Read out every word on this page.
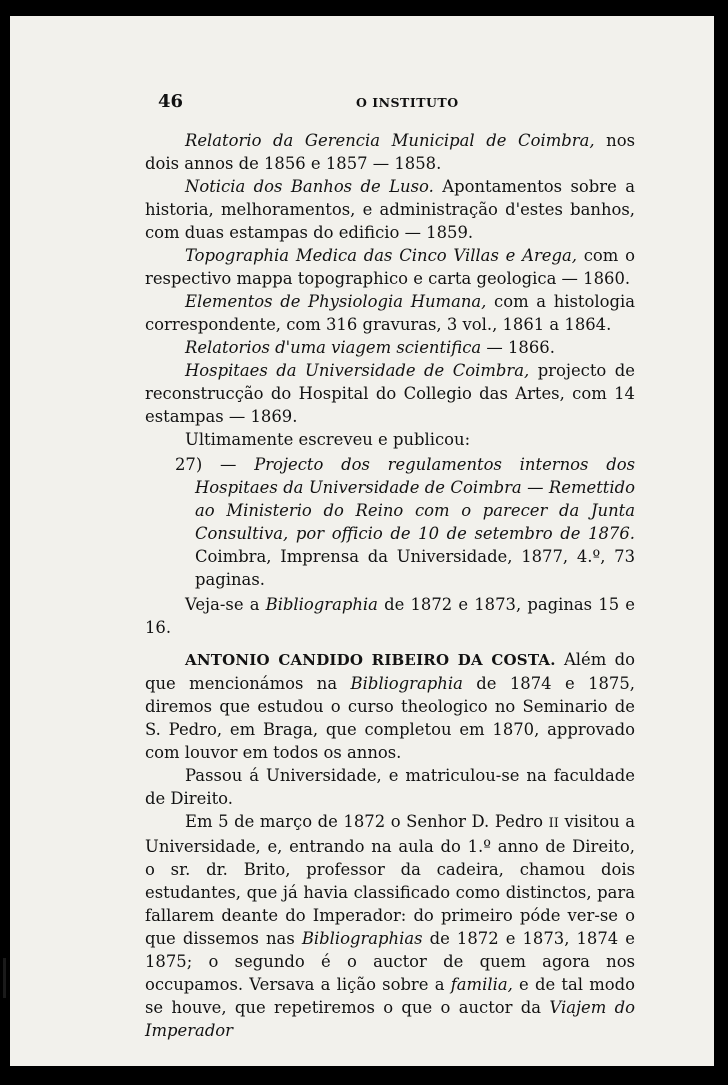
46	O INSTITUTO

Relatorio da Gerencia Municipal de Coimbra, nos dois annos de 1856 e 1857 — 1858.

Noticia dos Banhos de Luso. Apontamentos sobre a historia, melhoramentos, e administração d'estes banhos, com duas estampas do edificio — 1859.

Topographia Medica das Cinco Villas e Arega, com o respectivo mappa topographico e carta geologica — 1860.

Elementos de Physiologia Humana, com a histologia correspondente, com 316 gravuras, 3 vol., 1861 a 1864.

Relatorios d'uma viagem scientifica — 1866.

Hospitaes da Universidade de Coimbra, projecto de reconstrucção do Hospital do Collegio das Artes, com 14 estampas — 1869.

Ultimamente escreveu e publicou:

27) — Projecto dos regulamentos internos dos Hospitaes da Universidade de Coimbra — Remettido ao Ministerio do Reino com o parecer da Junta Consultiva, por officio de 10 de setembro de 1876. Coimbra, Imprensa da Universidade, 1877, 4.º, 73 paginas.

Veja-se a Bibliographia de 1872 e 1873, paginas 15 e 16.

ANTONIO CANDIDO RIBEIRO DA COSTA. Além do que mencionámos na Bibliographia de 1874 e 1875, diremos que estudou o curso theologico no Seminario de S. Pedro, em Braga, que completou em 1870, approvado com louvor em todos os annos.

Passou á Universidade, e matriculou-se na faculdade de Direito.

Em 5 de março de 1872 o Senhor D. Pedro II visitou a Universidade, e, entrando na aula do 1.º anno de Direito, o sr. dr. Brito, professor da cadeira, chamou dois estudantes, que já havia classificado como distinctos, para fallarem deante do Imperador: do primeiro póde ver-se o que dissemos nas Bibliographias de 1872 e 1873, 1874 e 1875; o segundo é o auctor de quem agora nos occupamos. Versava a lição sobre a familia, e de tal modo se houve, que repetiremos o que o auctor da Viajem do Imperador
